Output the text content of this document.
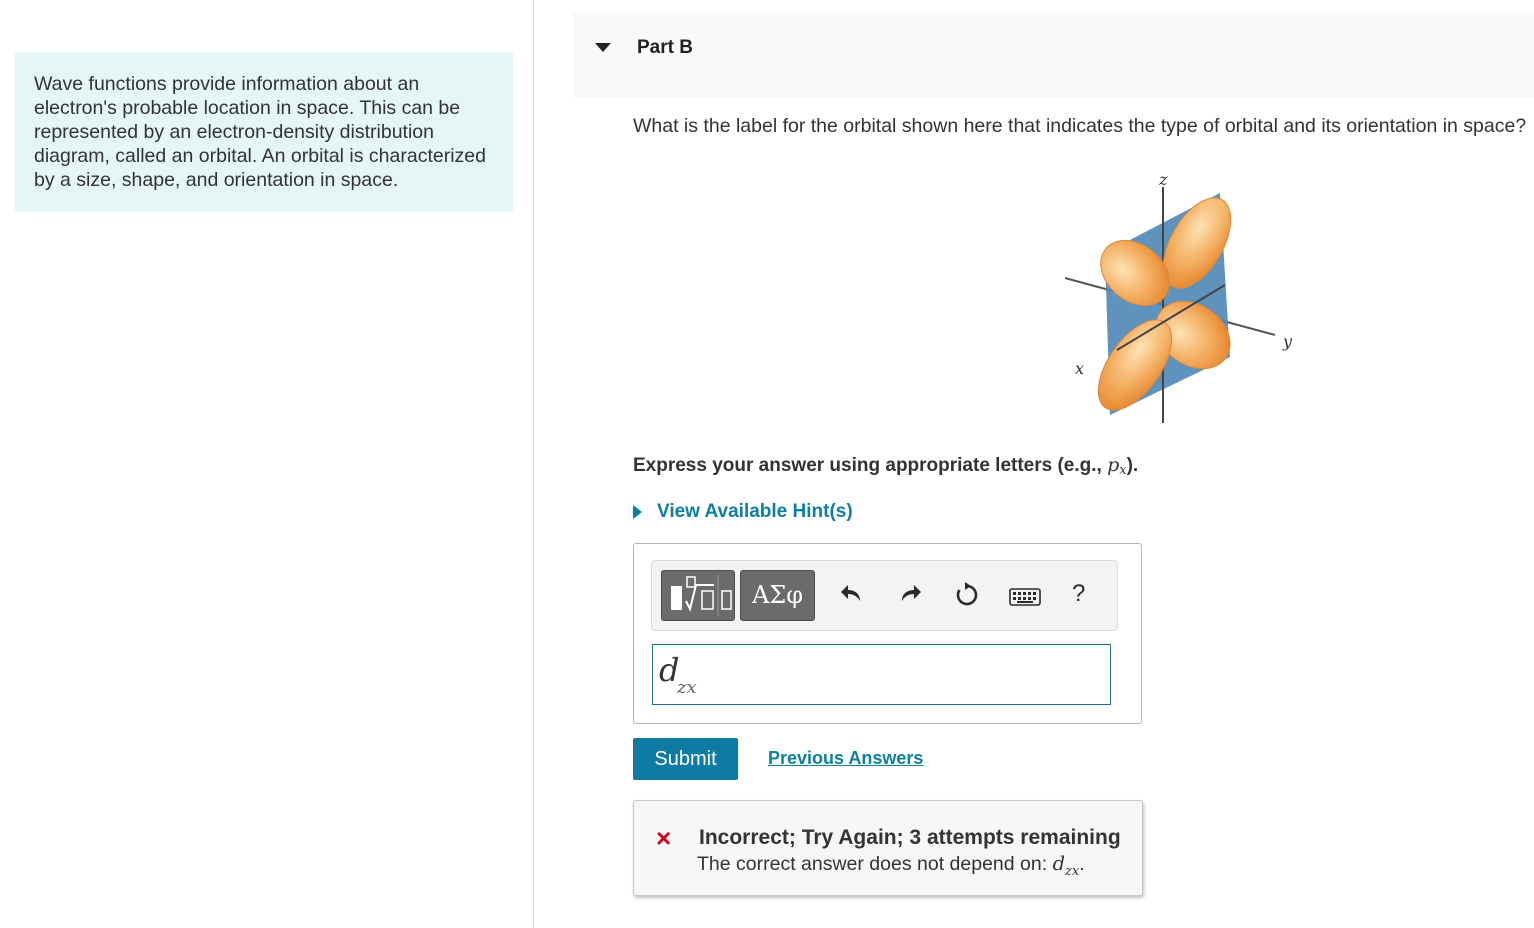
Wave functions provide information about an electron's probable location in space. This can be represented by an electron-density distribution diagram, called an orbital. An orbital is characterized by a size, shape, and orientation in space.
Part B
What is the label for the orbital shown here that indicates the type of orbital and its orientation in space?
z
y
x
Express your answer using appropriate letters (e.g., px).
View Available Hint(s)
ΑΣφ	?
d
zx
Submit	Previous Answers
× Incorrect; Try Again; 3 attempts remaining
The correct answer does not depend on: $d_{zx}$.
